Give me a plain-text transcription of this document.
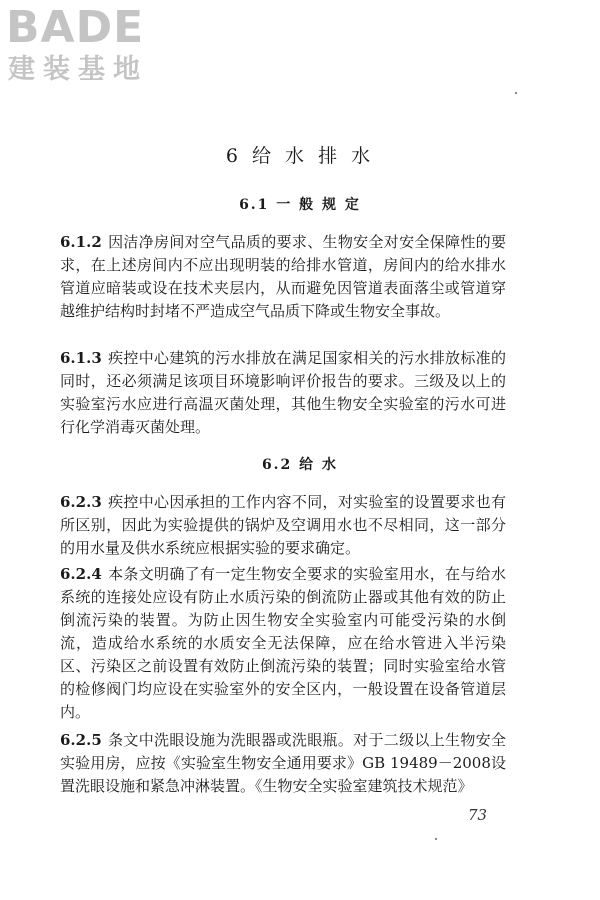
BADE
建装基地
6 给 水 排 水
6.1 一 般 规 定

6.1.2 因洁净房间对空气品质的要求、生物安全对安全保障性的要求，在上述房间内不应出现明装的给排水管道，房间内的给水排水管道应暗装或设在技术夹层内，从而避免因管道表面落尘或管道穿越维护结构时封堵不严造成空气品质下降或生物安全事故。

6.1.3 疾控中心建筑的污水排放在满足国家相关的污水排放标准的同时，还必须满足该项目环境影响评价报告的要求。三级及以上的实验室污水应进行高温灭菌处理，其他生物安全实验室的污水可进行化学消毒灭菌处理。

6.2 给 水

6.2.3 疾控中心因承担的工作内容不同，对实验室的设置要求也有所区别，因此为实验提供的锅炉及空调用水也不尽相同，这一部分的用水量及供水系统应根据实验的要求确定。

6.2.4 本条文明确了有一定生物安全要求的实验室用水，在与给水系统的连接处应设有防止水质污染的倒流防止器或其他有效的防止倒流污染的装置。为防止因生物安全实验室内可能受污染的水倒流，造成给水系统的水质安全无法保障，应在给水管进入半污染区、污染区之前设置有效防止倒流污染的装置；同时实验室给水管的检修阀门均应设在实验室外的安全区内，一般设置在设备管道层内。

6.2.5 条文中洗眼设施为洗眼器或洗眼瓶。对于二级以上生物安全实验用房，应按《实验室生物安全通用要求》GB 19489－2008设置洗眼设施和紧急冲淋装置。《生物安全实验室建筑技术规范》

73
